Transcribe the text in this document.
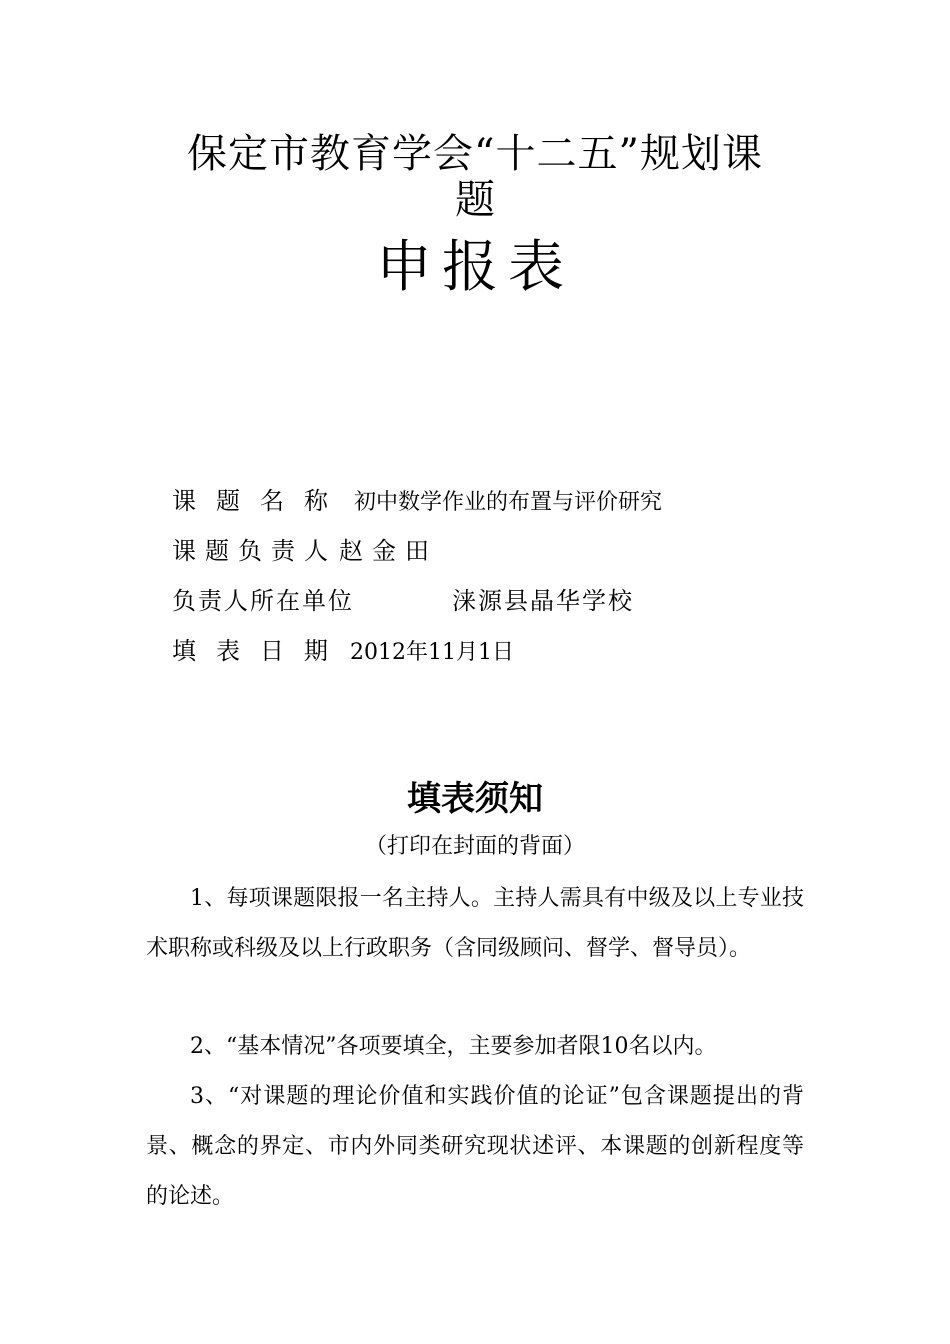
保定市教育学会“十二五”规划课
题
申报表
课题名称 初中数学作业的布置与评价研究
课题负责人赵金田
负责人所在单位	涞源县晶华学校
填表日期2012年11月1日
填表须知
（打印在封面的背面）

1、每项课题限报一名主持人。主持人需具有中级及以上专业技术职称或科级及以上行政职务（含同级顾问、督学、督导员）。

2、“基本情况”各项要填全，主要参加者限10名以内。

3、“对课题的理论价值和实践价值的论证”包含课题提出的背景、概念的界定、市内外同类研究现状述评、本课题的创新程度等的论述。
